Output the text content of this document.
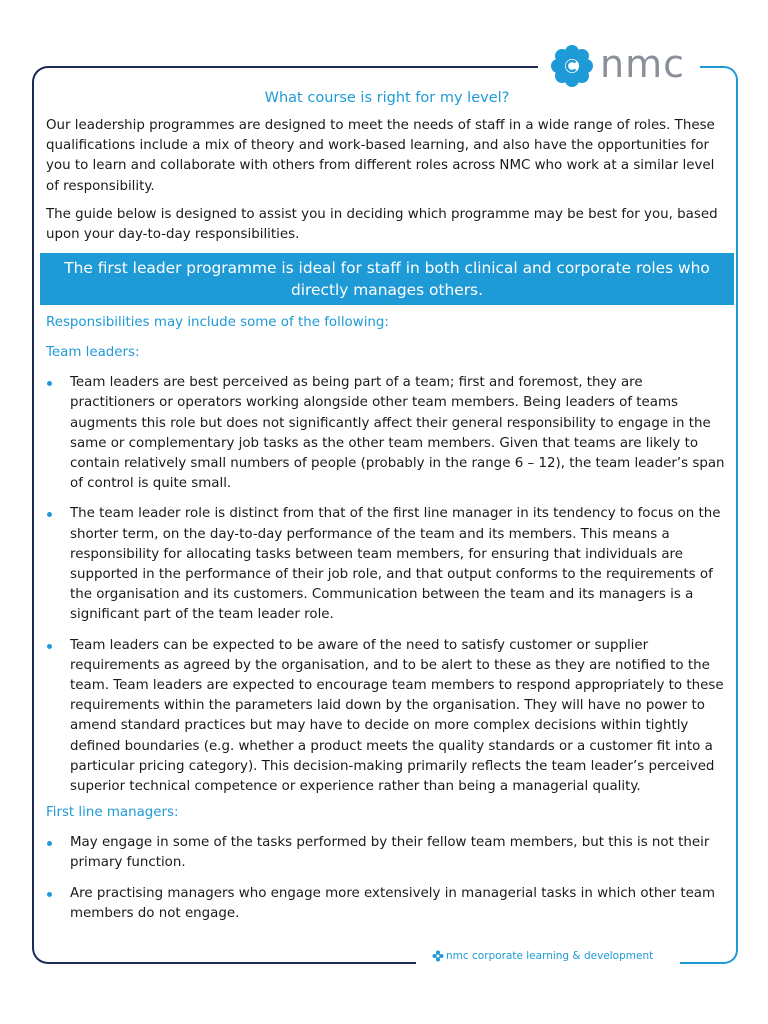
nmc
What course is right for my level?

Our leadership programmes are designed to meet the needs of staff in a wide range of roles. These qualifications include a mix of theory and work-based learning, and also have the opportunities for you to learn and collaborate with others from different roles across NMC who work at a similar level of responsibility.

The guide below is designed to assist you in deciding which programme may be best for you, based upon your day-to-day responsibilities.

The first leader programme is ideal for staff in both clinical and corporate roles who directly manages others.
Responsibilities may include some of the following:
Team leaders:
Team leaders are best perceived as being part of a team; first and foremost, they are practitioners or operators working alongside other team members. Being leaders of teams augments this role but does not significantly affect their general responsibility to engage in the same or complementary job tasks as the other team members. Given that teams are likely to contain relatively small numbers of people (probably in the range 6 – 12), the team leader’s span of control is quite small.
The team leader role is distinct from that of the first line manager in its tendency to focus on the shorter term, on the day-to-day performance of the team and its members. This means a responsibility for allocating tasks between team members, for ensuring that individuals are supported in the performance of their job role, and that output conforms to the requirements of the organisation and its customers. Communication between the team and its managers is a significant part of the team leader role.
Team leaders can be expected to be aware of the need to satisfy customer or supplier requirements as agreed by the organisation, and to be alert to these as they are notified to the team. Team leaders are expected to encourage team members to respond appropriately to these requirements within the parameters laid down by the organisation. They will have no power to amend standard practices but may have to decide on more complex decisions within tightly defined boundaries (e.g. whether a product meets the quality standards or a customer fit into a particular pricing category). This decision-making primarily reflects the team leader’s perceived superior technical competence or experience rather than being a managerial quality.
First line managers:
May engage in some of the tasks performed by their fellow team members, but this is not their primary function.
Are practising managers who engage more extensively in managerial tasks in which other team members do not engage.
nmc corporate learning & development
